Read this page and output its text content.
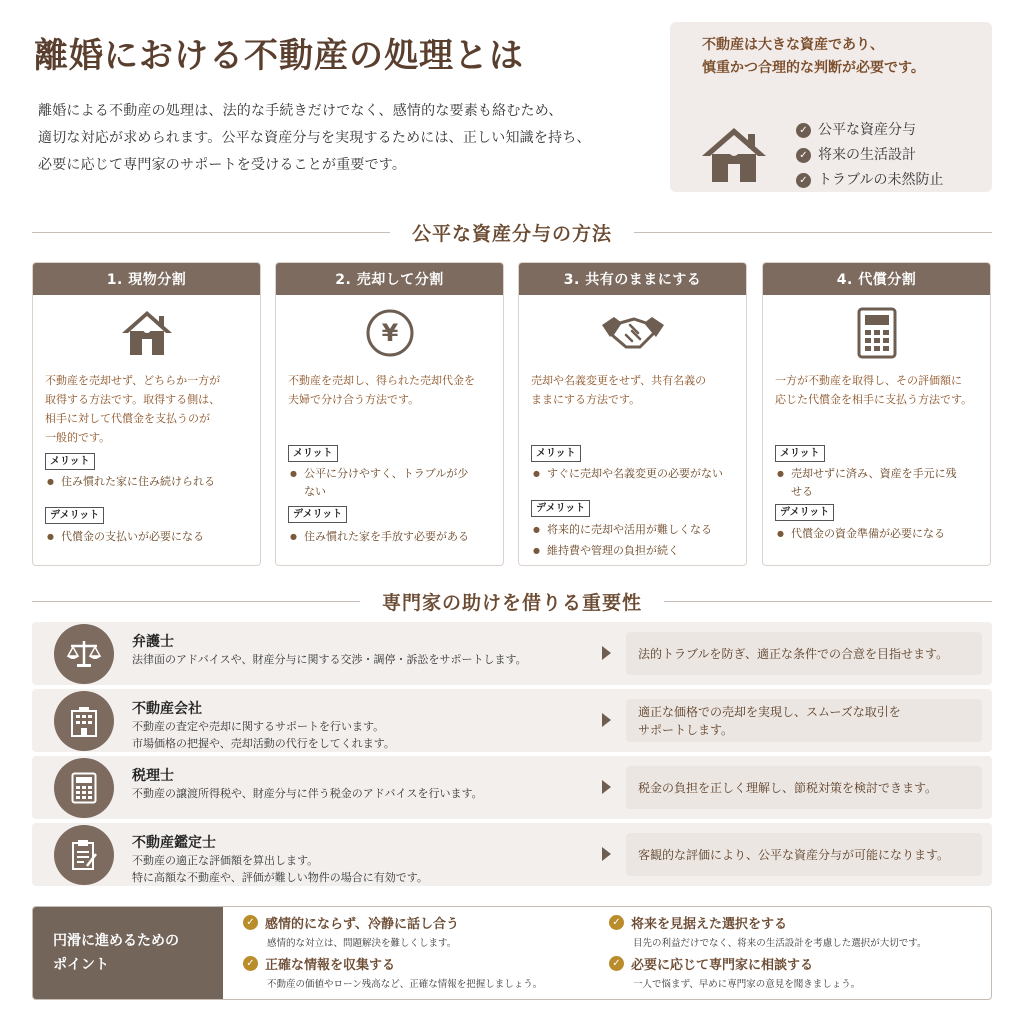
離婚における不動産の処理とは

離婚による不動産の処理は、法的な手続きだけでなく、感情的な要素も絡むため、

適切な対応が求められます。公平な資産分与を実現するためには、正しい知識を持ち、

必要に応じて専門家のサポートを受けることが重要です。

不動産は大きな資産であり、
慎重かつ合理的な判断が必要です。
✓ 公平な資産分与
✓ 将来の生活設計
✓ トラブルの未然防止
公平な資産分与の方法
1. 現物分割
不動産を売却せず、どちらか一方が
取得する方法です。取得する側は、
相手に対して代償金を支払うのが
一般的です。
メリット
● 住み慣れた家に住み続けられる
デメリット
● 代償金の支払いが必要になる
2. 売却して分割
¥
不動産を売却し、得られた売却代金を
夫婦で分け合う方法です。
メリット
● 公平に分けやすく、トラブルが少ない
デメリット
● 住み慣れた家を手放す必要がある
3. 共有のままにする
売却や名義変更をせず、共有名義の
ままにする方法です。
メリット
● すぐに売却や名義変更の必要がない
デメリット
● 将来的に売却や活用が難しくなる
● 維持費や管理の負担が続く
4. 代償分割
一方が不動産を取得し、その評価額に
応じた代償金を相手に支払う方法です。
メリット
● 売却せずに済み、資産を手元に残せる
デメリット
● 代償金の資金準備が必要になる
専門家の助けを借りる重要性
弁護士
法律面のアドバイスや、財産分与に関する交渉・調停・訴訟をサポートします。	法的トラブルを防ぎ、適正な条件での合意を目指せます。
不動産会社
不動産の査定や売却に関するサポートを行います。
市場価格の把握や、売却活動の代行をしてくれます。
適正な価格での売却を実現し、スムーズな取引を
サポートします。
税理士
不動産の譲渡所得税や、財産分与に伴う税金のアドバイスを行います。	税金の負担を正しく理解し、節税対策を検討できます。
不動産鑑定士
不動産の適正な評価額を算出します。
特に高額な不動産や、評価が難しい物件の場合に有効です。
客観的な評価により、公平な資産分与が可能になります。
円滑に進めるための
ポイント
✓ 感情的にならず、冷静に話し合う
感情的な対立は、問題解決を難しくします。
✓ 将来を見据えた選択をする
目先の利益だけでなく、将来の生活設計を考慮した選択が大切です。
✓ 正確な情報を収集する
不動産の価値やローン残高など、正確な情報を把握しましょう。
✓ 必要に応じて専門家に相談する
一人で悩まず、早めに専門家の意見を聞きましょう。
